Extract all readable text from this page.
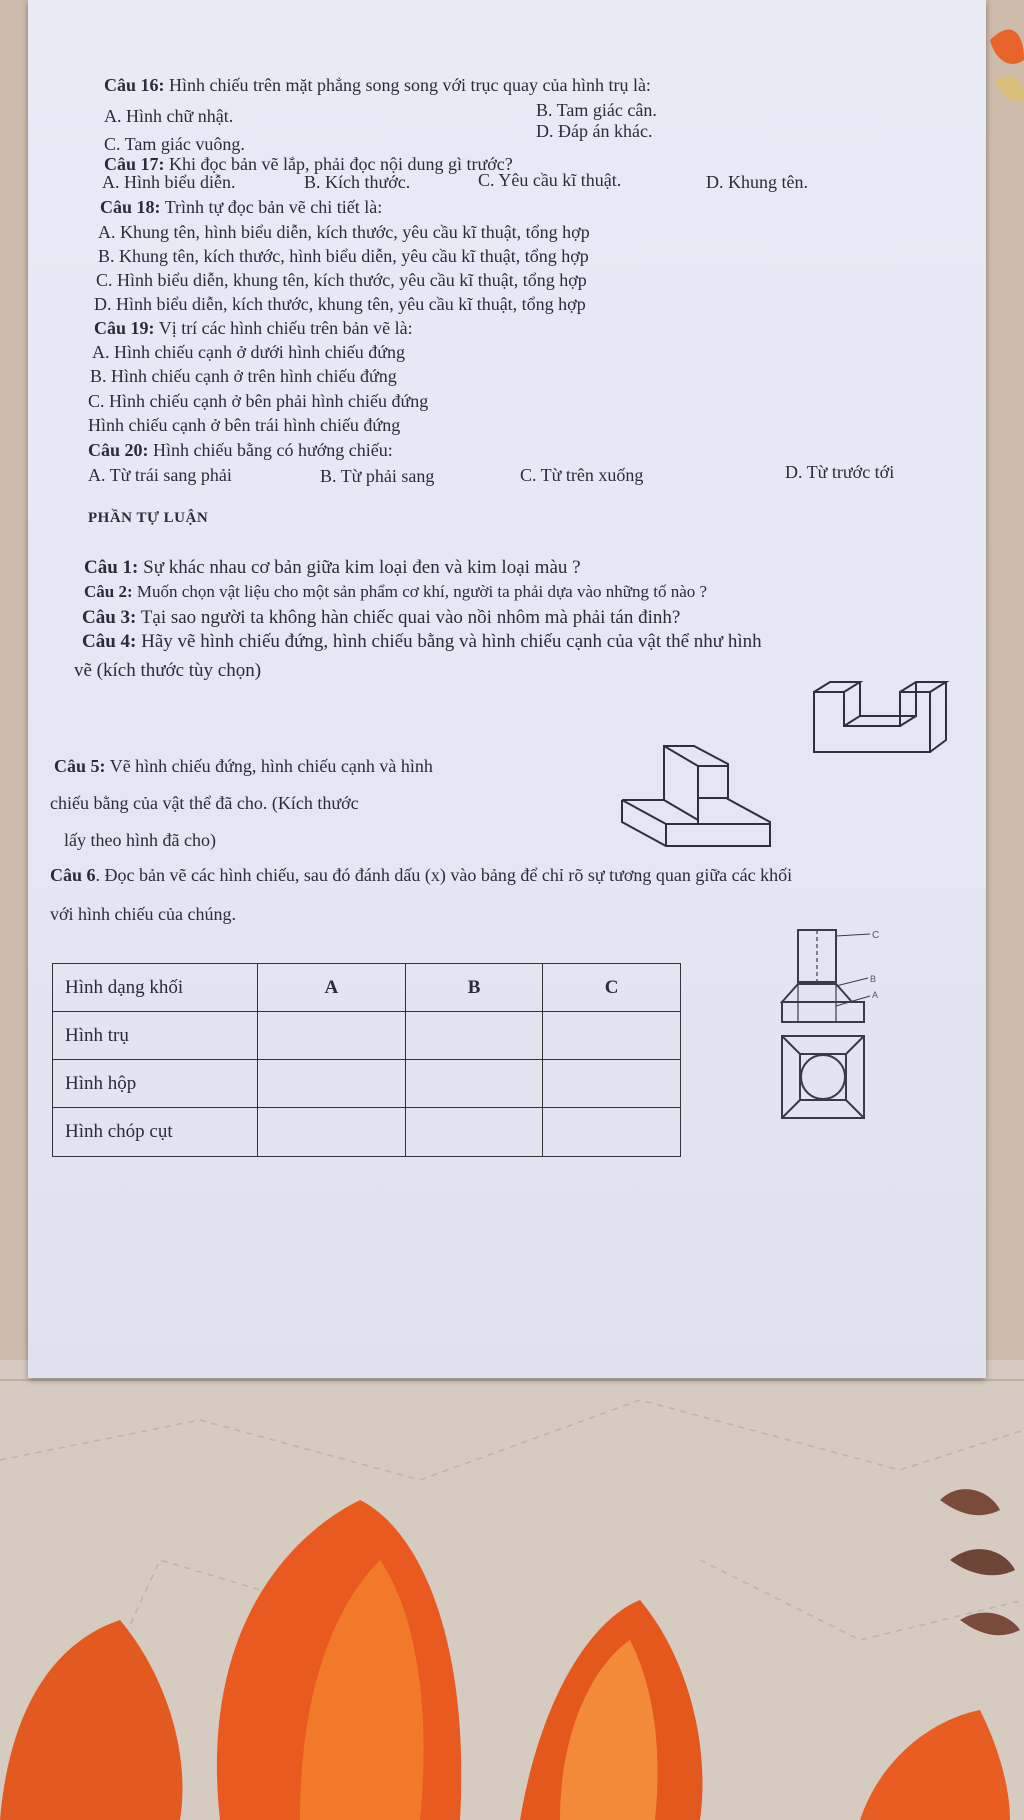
Câu 16: Hình chiếu trên mặt phẳng song song với trục quay của hình trụ là:
A. Hình chữ nhật.	B. Tam giác cân.
C. Tam giác vuông.
D. Đáp án khác.
Câu 17: Khi đọc bản vẽ lắp, phải đọc nội dung gì trước?
A. Hình biểu diễn.	B. Kích thước.	C. Yêu cầu kĩ thuật.	D. Khung tên.
Câu 18: Trình tự đọc bản vẽ chi tiết là:
A. Khung tên, hình biểu diễn, kích thước, yêu cầu kĩ thuật, tổng hợp
B. Khung tên, kích thước, hình biểu diễn, yêu cầu kĩ thuật, tổng hợp
C. Hình biểu diễn, khung tên, kích thước, yêu cầu kĩ thuật, tổng hợp
D. Hình biểu diễn, kích thước, khung tên, yêu cầu kĩ thuật, tổng hợp
Câu 19: Vị trí các hình chiếu trên bản vẽ là:
A. Hình chiếu cạnh ở dưới hình chiếu đứng
B. Hình chiếu cạnh ở trên hình chiếu đứng
C. Hình chiếu cạnh ở bên phải hình chiếu đứng
Hình chiếu cạnh ở bên trái hình chiếu đứng
Câu 20: Hình chiếu bằng có hướng chiếu:
A. Từ trái sang phải	B. Từ phải sang	C. Từ trên xuống	D. Từ trước tới
PHẦN TỰ LUẬN
Câu 1: Sự khác nhau cơ bản giữa kim loại đen và kim loại màu ?
Câu 2: Muốn chọn vật liệu cho một sản phẩm cơ khí, người ta phải dựa vào những tố nào ?
Câu 3: Tại sao người ta không hàn chiếc quai vào nồi nhôm mà phải tán đinh?
Câu 4: Hãy vẽ hình chiếu đứng, hình chiếu bằng và hình chiếu cạnh của vật thể như hình
vẽ (kích thước tùy chọn)
Câu 5: Vẽ hình chiếu đứng, hình chiếu cạnh và hình
chiếu bằng của vật thể đã cho. (Kích thước
lấy theo hình đã cho)
Câu 6. Đọc bản vẽ các hình chiếu, sau đó đánh dấu (x) vào bảng để chỉ rõ sự tương quan giữa các khối
với hình chiếu của chúng.
Hình dạng khối	A	B	C
Hình trụ			
Hình hộp			
Hình chóp cụt			
C
B
A
